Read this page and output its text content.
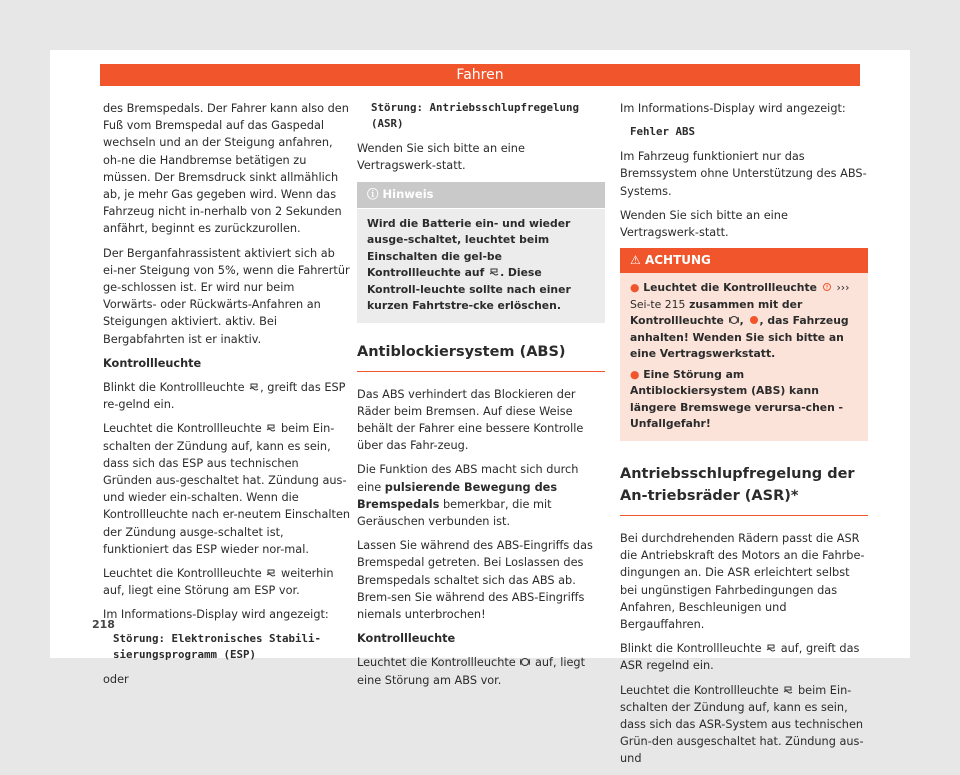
Fahren

des Bremspedals. Der Fahrer kann also den Fuß vom Bremspedal auf das Gaspedal wechseln und an der Steigung anfahren, oh-ne die Handbremse betätigen zu müssen. Der Bremsdruck sinkt allmählich ab, je mehr Gas gegeben wird. Wenn das Fahrzeug nicht in-nerhalb von 2 Sekunden anfährt, beginnt es zurückzurollen.

Der Berganfahrassistent aktiviert sich ab ei-ner Steigung von 5%, wenn die Fahrertür ge-schlossen ist. Er wird nur beim Vorwärts- oder Rückwärts-Anfahren an Steigungen aktiviert. aktiv. Bei Bergabfahrten ist er inaktiv.

Kontrollleuchte

Blinkt die Kontrollleuchte , greift das ESP re-gelnd ein.

Leuchtet die Kontrollleuchte beim Ein-schalten der Zündung auf, kann es sein, dass sich das ESP aus technischen Gründen aus-geschaltet hat. Zündung aus- und wieder ein-schalten. Wenn die Kontrollleuchte nach er-neutem Einschalten der Zündung ausge-schaltet ist, funktioniert das ESP wieder nor-mal.

Leuchtet die Kontrollleuchte weiterhin auf, liegt eine Störung am ESP vor.

Im Informations-Display wird angezeigt:

Störung: Elektronisches Stabili-sierungsprogramm (ESP)

oder

Störung: Antriebsschlupfregelung (ASR)

Wenden Sie sich bitte an eine Vertragswerk-statt.

ⓘ Hinweis
Wird die Batterie ein- und wieder ausge-schaltet, leuchtet beim Einschalten die gel-be Kontrollleuchte auf . Diese Kontroll-leuchte sollte nach einer kurzen Fahrtstre-cke erlöschen.
Antiblockiersystem (ABS)

Das ABS verhindert das Blockieren der Räder beim Bremsen. Auf diese Weise behält der Fahrer eine bessere Kontrolle über das Fahr-zeug.

Die Funktion des ABS macht sich durch eine pulsierende Bewegung des Bremspedals bemerkbar, die mit Geräuschen verbunden ist.

Lassen Sie während des ABS-Eingriffs das Bremspedal getreten. Bei Loslassen des Bremspedals schaltet sich das ABS ab. Brem-sen Sie während des ABS-Eingriffs niemals unterbrochen!

Kontrollleuchte

Leuchtet die Kontrollleuchte auf, liegt eine Störung am ABS vor.

Im Informations-Display wird angezeigt:

Fehler ABS

Im Fahrzeug funktioniert nur das Bremssystem ohne Unterstützung des ABS-Systems.

Wenden Sie sich bitte an eine Vertragswerk-statt.

⚠ ACHTUNG
● Leuchtet die Kontrollleuchte ››› Sei-te 215 zusammen mit der Kontrollleuchte ,
, das Fahrzeug anhalten! Wenden Sie sich bitte an eine Vertragswerkstatt.
● Eine Störung am Antiblockiersystem (ABS) kann längere Bremswege verursa-chen - Unfallgefahr!
Antriebsschlupfregelung der An-triebsräder (ASR)*

Bei durchdrehenden Rädern passt die ASR die Antriebskraft des Motors an die Fahrbe-dingungen an. Die ASR erleichtert selbst bei ungünstigen Fahrbedingungen das Anfahren, Beschleunigen und Bergauffahren.

Blinkt die Kontrollleuchte auf, greift das ASR regelnd ein.

Leuchtet die Kontrollleuchte beim Ein-schalten der Zündung auf, kann es sein, dass sich das ASR-System aus technischen Grün-den ausgeschaltet hat. Zündung aus- und

218
